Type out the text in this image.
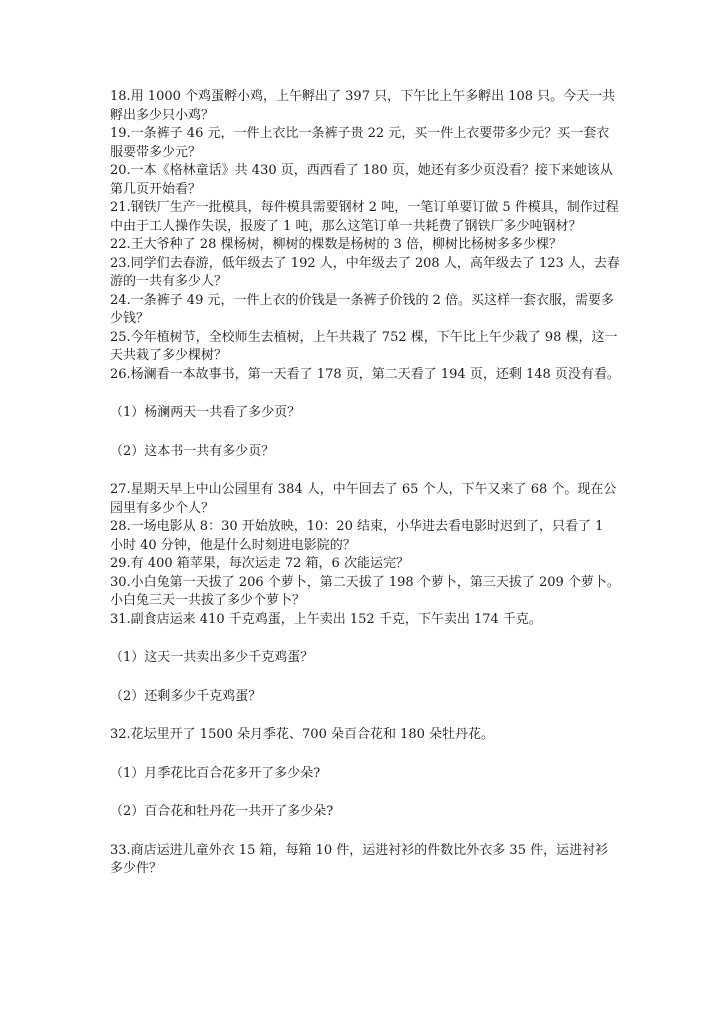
18.用 1000 个鸡蛋孵小鸡，上午孵出了 397 只，下午比上午多孵出 108 只。今天一共孵出多少只小鸡？

19.一条裤子 46 元，一件上衣比一条裤子贵 22 元，买一件上衣要带多少元？买一套衣服要带多少元？

20.一本《格林童话》共 430 页，西西看了 180 页，她还有多少页没看？接下来她该从第几页开始看？

21.钢铁厂生产一批模具，每件模具需要钢材 2 吨，一笔订单要订做 5 件模具，制作过程中由于工人操作失误，报废了 1 吨，那么这笔订单一共耗费了钢铁厂多少吨钢材？

22.王大爷种了 28 棵杨树，柳树的棵数是杨树的 3 倍，柳树比杨树多多少棵？

23.同学们去春游，低年级去了 192 人，中年级去了 208 人，高年级去了 123 人，去春游的一共有多少人？

24.一条裤子 49 元，一件上衣的价钱是一条裤子价钱的 2 倍。买这样一套衣服，需要多少钱？

25.今年植树节，全校师生去植树，上午共栽了 752 棵，下午比上午少栽了 98 棵，这一天共栽了多少棵树？

26.杨澜看一本故事书，第一天看了 178 页，第二天看了 194 页，还剩 148 页没有看。

（1）杨澜两天一共看了多少页？

（2）这本书一共有多少页？

27.星期天早上中山公园里有 384 人，中午回去了 65 个人，下午又来了 68 个。现在公园里有多少个人？

28.一场电影从 8：30 开始放映，10：20 结束，小华进去看电影时迟到了，只看了 1 小时 40 分钟，他是什么时刻进电影院的？

29.有 400 箱苹果，每次运走 72 箱，6 次能运完？

30.小白兔第一天拔了 206 个萝卜，第二天拔了 198 个萝卜，第三天拔了 209 个萝卜。小白兔三天一共拔了多少个萝卜？

31.副食店运来 410 千克鸡蛋，上午卖出 152 千克，下午卖出 174 千克。

（1）这天一共卖出多少千克鸡蛋？

（2）还剩多少千克鸡蛋？

32.花坛里开了 1500 朵月季花、700 朵百合花和 180 朵牡丹花。

（1）月季花比百合花多开了多少朵?

（2）百合花和牡丹花一共开了多少朵?

33.商店运进儿童外衣 15 箱，每箱 10 件，运进衬衫的件数比外衣多 35 件，运进衬衫多少件？
